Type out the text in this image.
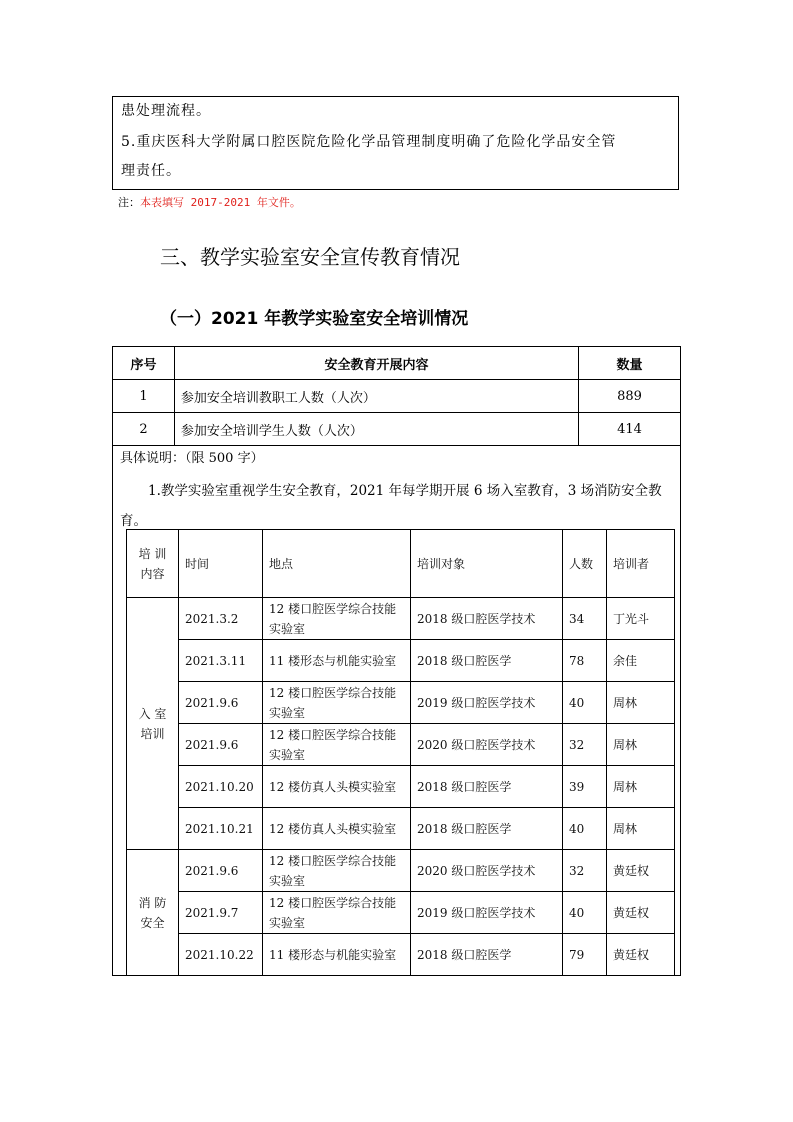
患处理流程。

5.重庆医科大学附属口腔医院危险化学品管理制度明确了危险化学品安全管

理责任。

注：本表填写 2017-2021 年文件。
三、教学实验室安全宣传教育情况
（一）2021 年教学实验室安全培训情况
序号	安全教育开展内容	数量
1	参加安全培训教职工人数（人次）	889
2	参加安全培训学生人数（人次）	414
具体说明：（限 500 字）
1.教学实验室重视学生安全教育，2021 年每学期开展 6 场入室教育，3 场消防安全教育。
培 训 内容	时间	地点	培训对象	人数	培训者
入 室 培训	2021.3.2	12 楼口腔医学综合技能实验室	2018 级口腔医学技术	34	丁光斗
	2021.3.11	11 楼形态与机能实验室	2018 级口腔医学	78	余佳
	2021.9.6	12 楼口腔医学综合技能实验室	2019 级口腔医学技术	40	周林
	2021.9.6	12 楼口腔医学综合技能实验室	2020 级口腔医学技术	32	周林
	2021.10.20	12 楼仿真人头模实验室	2018 级口腔医学	39	周林
	2021.10.21	12 楼仿真人头模实验室	2018 级口腔医学	40	周林
消 防 安全	2021.9.6	12 楼口腔医学综合技能实验室	2020 级口腔医学技术	32	黄廷权
	2021.9.7	12 楼口腔医学综合技能实验室	2019 级口腔医学技术	40	黄廷权
	2021.10.22	11 楼形态与机能实验室	2018 级口腔医学	79	黄廷权
